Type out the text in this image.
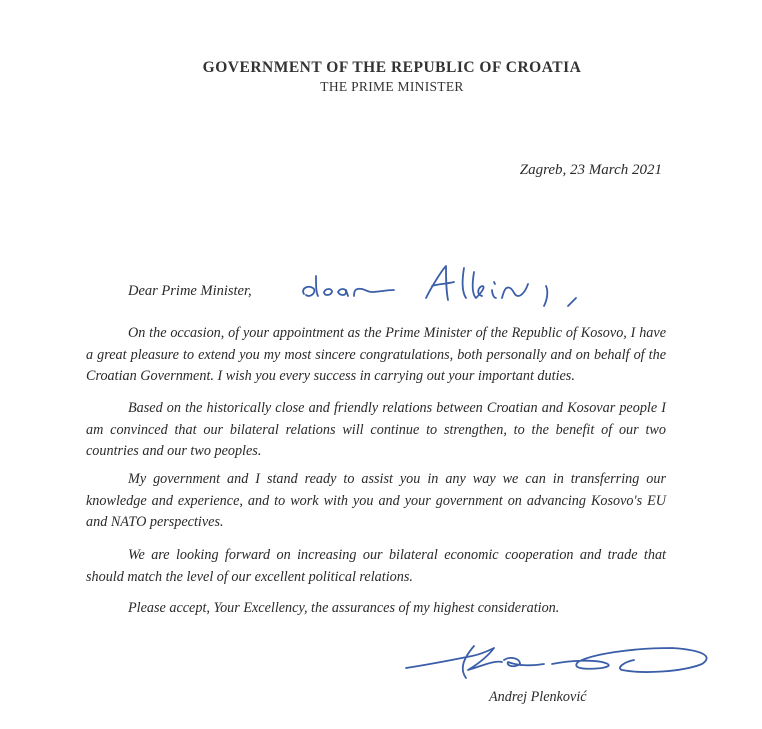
GOVERNMENT OF THE REPUBLIC OF CROATIA
THE PRIME MINISTER
Zagreb, 23 March 2021
Dear Prime Minister,

On the occasion, of your appointment as the Prime Minister of the Republic of Kosovo, I have a great pleasure to extend you my most sincere congratulations, both personally and on behalf of the Croatian Government. I wish you every success in carrying out your important duties.

Based on the historically close and friendly relations between Croatian and Kosovar people I am convinced that our bilateral relations will continue to strengthen, to the benefit of our two countries and our two peoples.

My government and I stand ready to assist you in any way we can in transferring our knowledge and experience, and to work with you and your government on advancing Kosovo's EU and NATO perspectives.

We are looking forward on increasing our bilateral economic cooperation and trade that should match the level of our excellent political relations.

Please accept, Your Excellency, the assurances of my highest consideration.
Andrej Plenković
